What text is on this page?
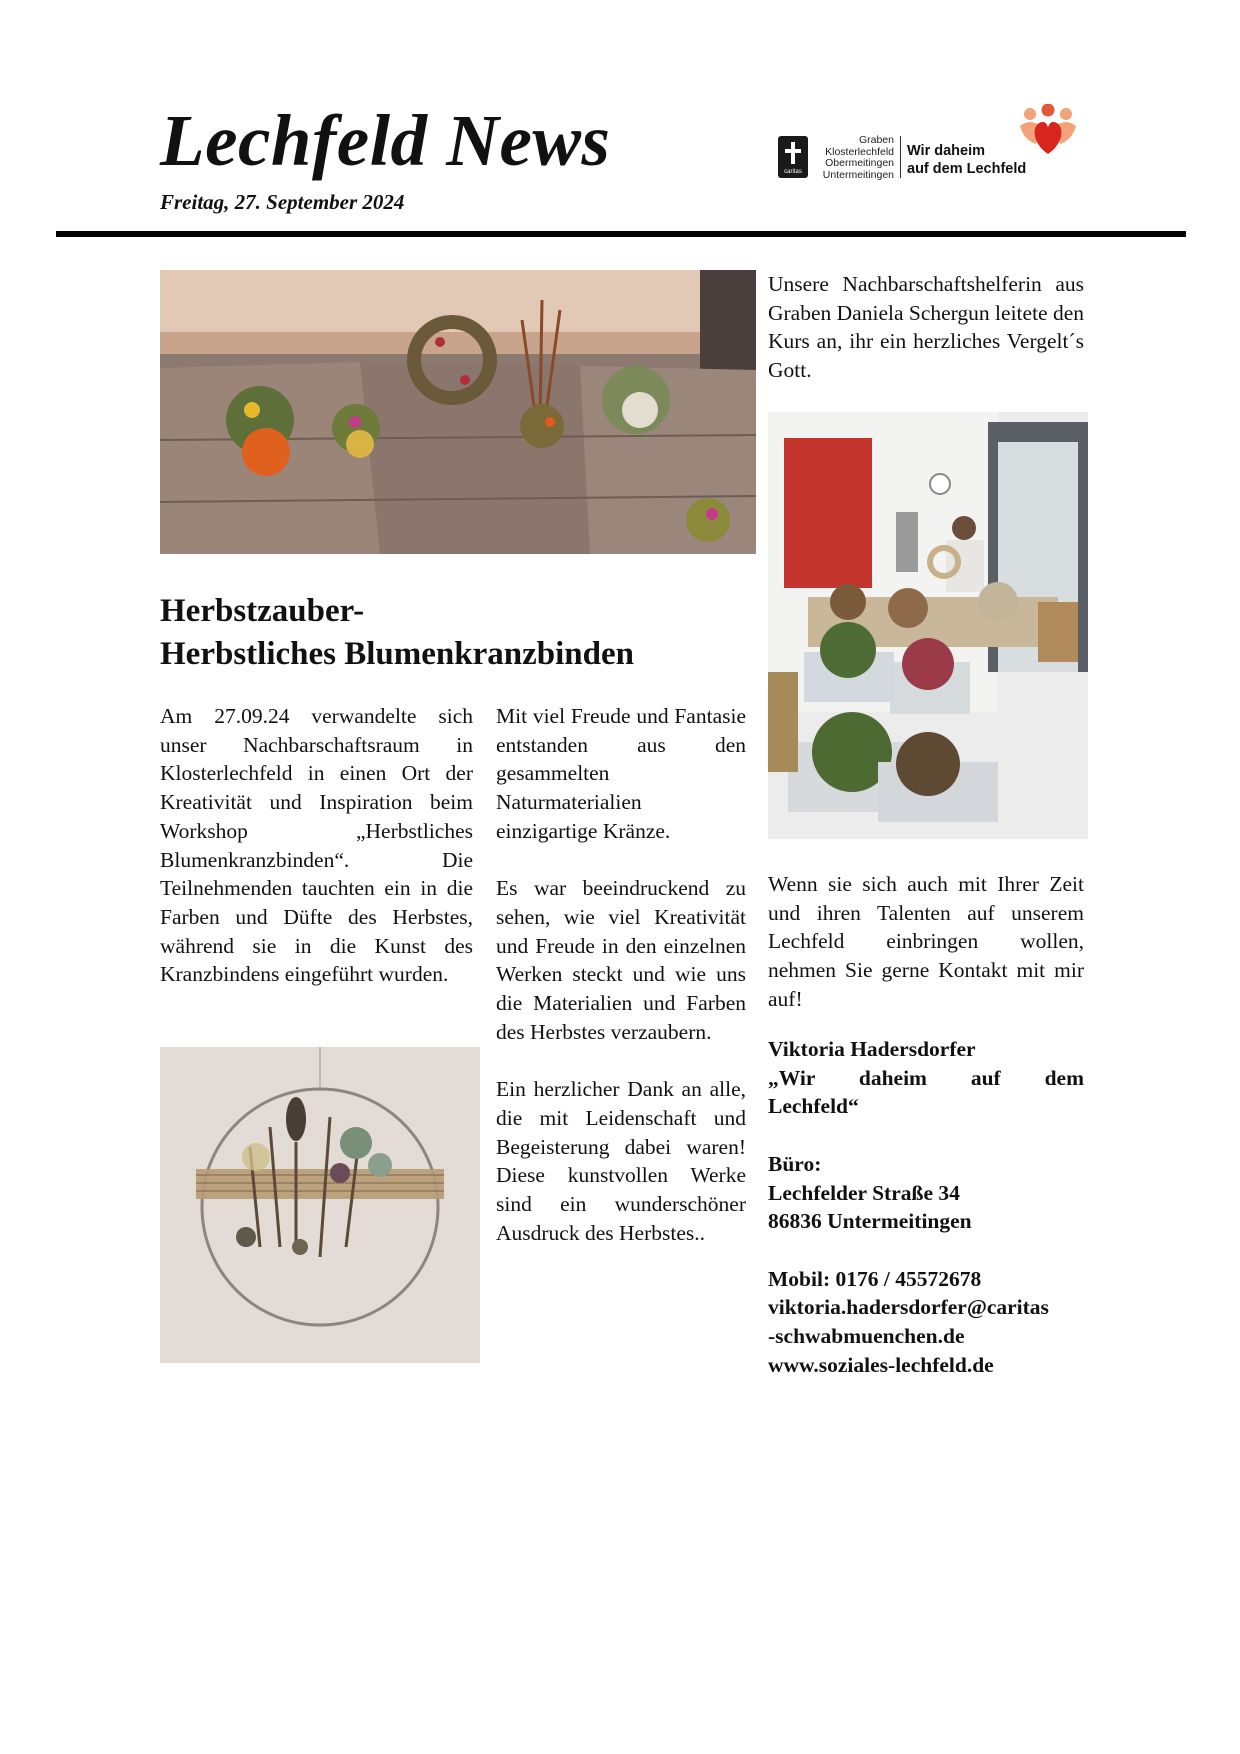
Lechfeld News
Freitag, 27. September 2024
caritas
Graben
Klosterlechfeld
Obermeitingen
Untermeitingen
Wir daheim
auf dem Lechfeld
Herbstzauber-
Herbstliches Blumenkranzbinden

Am 27.09.24 verwandelte sich unser Nachbarschaftsraum in Klosterlechfeld in einen Ort der Kreativität und Inspiration beim Workshop „Herbstliches Blumenkranzbinden“. Die Teilnehmenden tauchten ein in die Farben und Düfte des Herbstes, während sie in die Kunst des Kranzbindens eingeführt wurden.

Mit viel Freude und Fantasie entstanden aus den gesammelten Naturmaterialien einzigartige Kränze.

Es war beeindruckend zu sehen, wie viel Kreativität und Freude in den einzelnen Werken steckt und wie uns die Materialien und Farben des Herbstes verzaubern.

Ein herzlicher Dank an alle, die mit Leidenschaft und Begeisterung dabei waren! Diese kunstvollen Werke sind ein wunderschöner Ausdruck des Herbstes..

Unsere Nachbarschaftshelferin aus Graben Daniela Schergun leitete den Kurs an, ihr ein herzliches Vergelt´s Gott.

Wenn sie sich auch mit Ihrer Zeit und ihren Talenten auf unserem Lechfeld einbringen wollen, nehmen Sie gerne Kontakt mit mir auf!

Viktoria Hadersdorfer
„Wir daheim auf dem
Lechfeld“
Büro:
Lechfelder Straße 34
86836 Untermeitingen
Mobil: 0176 / 45572678
viktoria.hadersdorfer@caritas
-schwabmuenchen.de
www.soziales-lechfeld.de
